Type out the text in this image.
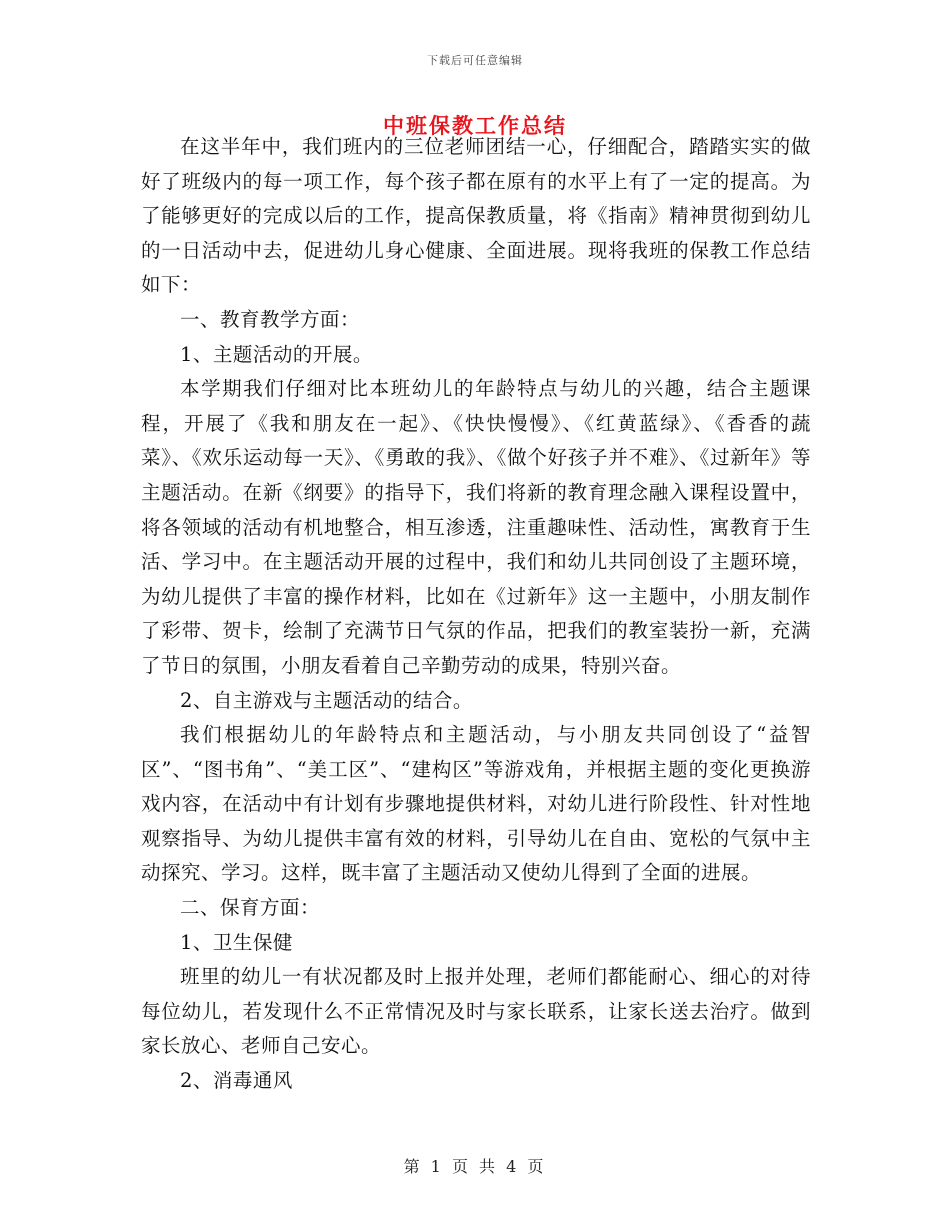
下载后可任意编辑
中班保教工作总结

在这半年中，我们班内的三位老师团结一心，仔细配合，踏踏实实的做好了班级内的每一项工作，每个孩子都在原有的水平上有了一定的提高。为了能够更好的完成以后的工作，提高保教质量，将《指南》精神贯彻到幼儿的一日活动中去，促进幼儿身心健康、全面进展。现将我班的保教工作总结如下：

一、教育教学方面：

1、主题活动的开展。

本学期我们仔细对比本班幼儿的年龄特点与幼儿的兴趣，结合主题课程，开展了《我和朋友在一起》、《快快慢慢》、《红黄蓝绿》、《香香的蔬菜》、《欢乐运动每一天》、《勇敢的我》、《做个好孩子并不难》、《过新年》等主题活动。在新《纲要》的指导下，我们将新的教育理念融入课程设置中，将各领域的活动有机地整合，相互渗透，注重趣味性、活动性，寓教育于生活、学习中。在主题活动开展的过程中，我们和幼儿共同创设了主题环境，为幼儿提供了丰富的操作材料，比如在《过新年》这一主题中，小朋友制作了彩带、贺卡，绘制了充满节日气氛的作品，把我们的教室装扮一新，充满了节日的氛围，小朋友看着自己辛勤劳动的成果，特别兴奋。

2、自主游戏与主题活动的结合。

我们根据幼儿的年龄特点和主题活动，与小朋友共同创设了“益智区”、“图书角”、“美工区”、“建构区”等游戏角，并根据主题的变化更换游戏内容，在活动中有计划有步骤地提供材料，对幼儿进行阶段性、针对性地观察指导、为幼儿提供丰富有效的材料，引导幼儿在自由、宽松的气氛中主动探究、学习。这样，既丰富了主题活动又使幼儿得到了全面的进展。

二、保育方面：

1、卫生保健

班里的幼儿一有状况都及时上报并处理，老师们都能耐心、细心的对待每位幼儿，若发现什么不正常情况及时与家长联系，让家长送去治疗。做到家长放心、老师自己安心。

2、消毒通风

第 1 页 共 4 页
